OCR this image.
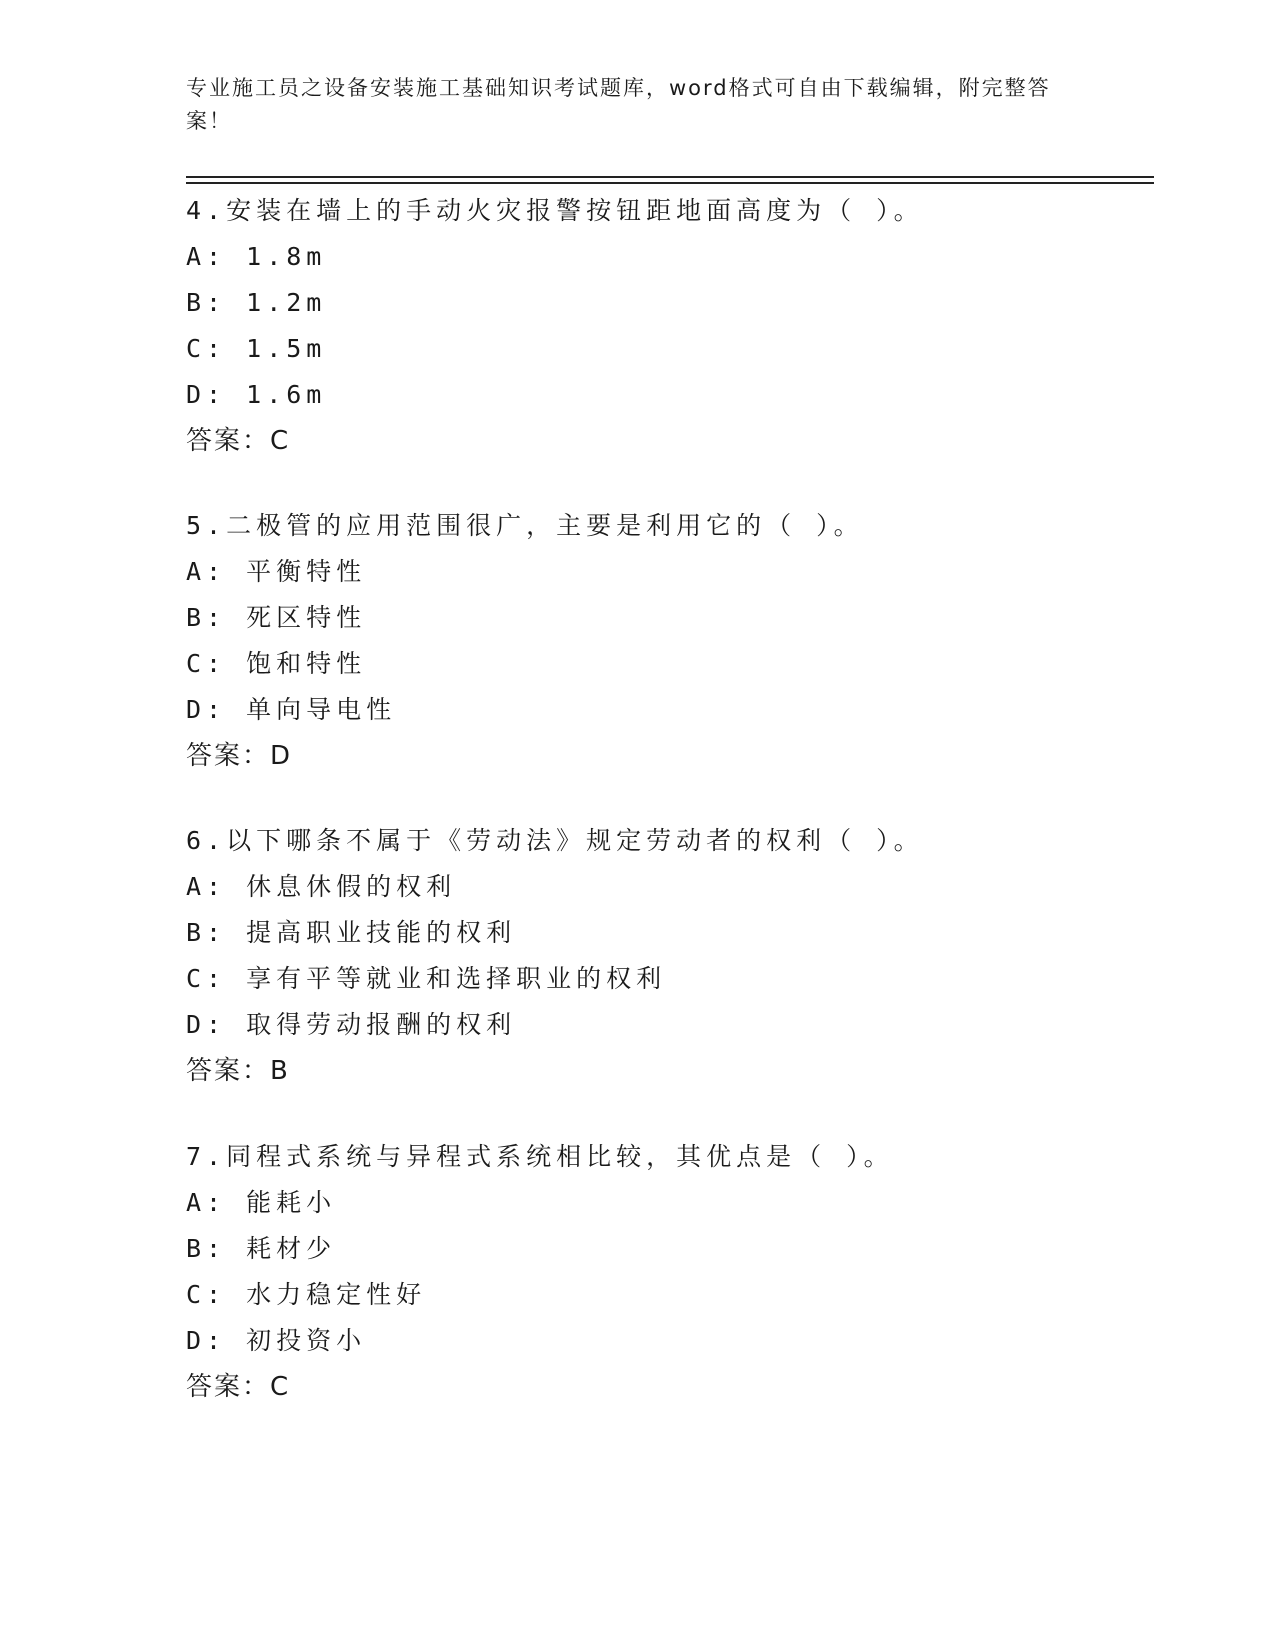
专业施工员之设备安装施工基础知识考试题库，word格式可自由下载编辑，附完整答案！
4.安装在墙上的手动火灾报警按钮距地面高度为（ ）。
A: 1.8m
B: 1.2m
C: 1.5m
D: 1.6m
答案：C
5.二极管的应用范围很广，主要是利用它的（ ）。
A: 平衡特性
B: 死区特性
C: 饱和特性
D: 单向导电性
答案：D
6.以下哪条不属于《劳动法》规定劳动者的权利（ ）。
A: 休息休假的权利
B: 提高职业技能的权利
C: 享有平等就业和选择职业的权利
D: 取得劳动报酬的权利
答案：B
7.同程式系统与异程式系统相比较，其优点是（ ）。
A: 能耗小
B: 耗材少
C: 水力稳定性好
D: 初投资小
答案：C
